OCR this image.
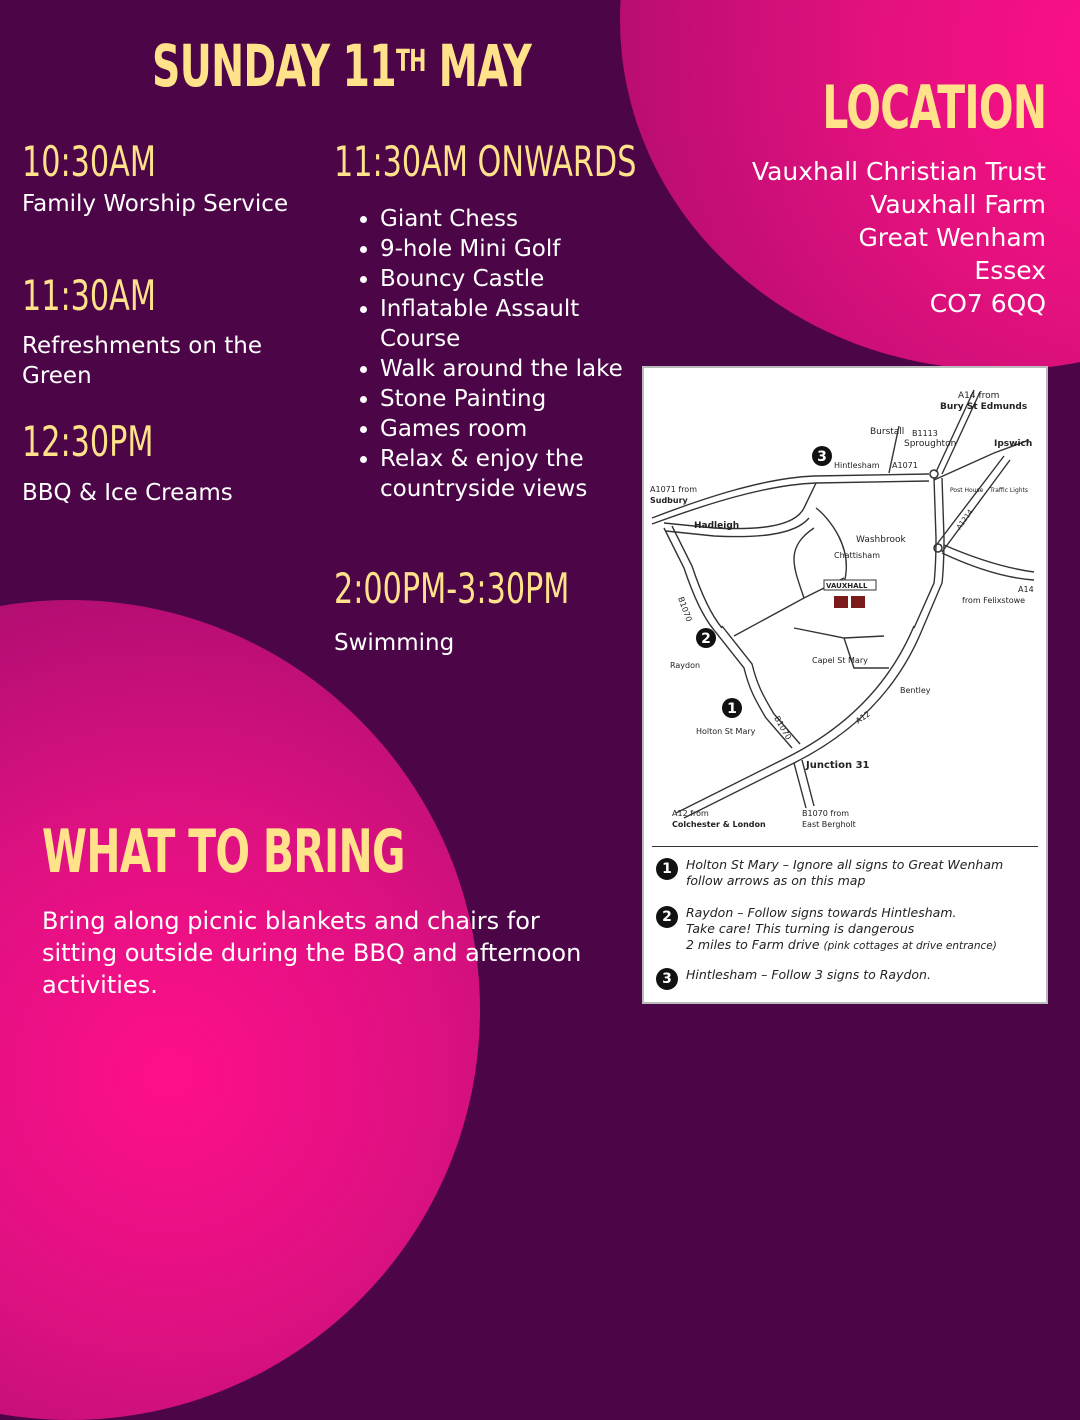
SUNDAY 11TH MAY
10:30AM
Family Worship Service
11:30AM
Refreshments on the Green
12:30PM
BBQ & Ice Creams
11:30AM ONWARDS
• Giant Chess
• 9-hole Mini Golf
• Bouncy Castle
• Inflatable Assault Course
• Walk around the lake
• Stone Painting
• Games room
• Relax & enjoy the countryside views
2:00PM-3:30PM
Swimming
LOCATION
Vauxhall Christian Trust
Vauxhall Farm
Great Wenham
Essex
CO7 6QQ
3
2
1
A14 from
Bury St Edmunds
Burstall B1113
Sproughton	Ipswich
Hintlesham A1071
A1071 from
Sudbury
Hadleigh
Washbrook
Chattisham
VAUXHALL	A14
from Felixstowe
Post House Traffic Lights
A1214
B1070
Raydon
Capel St Mary
Bentley
Holton St Mary B1070	A12
Junction 31
A12 from
Colchester & London
B1070 from
East Bergholt
1	Holton St Mary – Ignore all signs to Great Wenham
follow arrows as on this map
2	Raydon – Follow signs towards Hintlesham.
Take care! This turning is dangerous
2 miles to Farm drive (pink cottages at drive entrance)
3	Hintlesham – Follow 3 signs to Raydon.
WHAT TO BRING
Bring along picnic blankets and chairs for sitting outside during the BBQ and afternoon activities.
